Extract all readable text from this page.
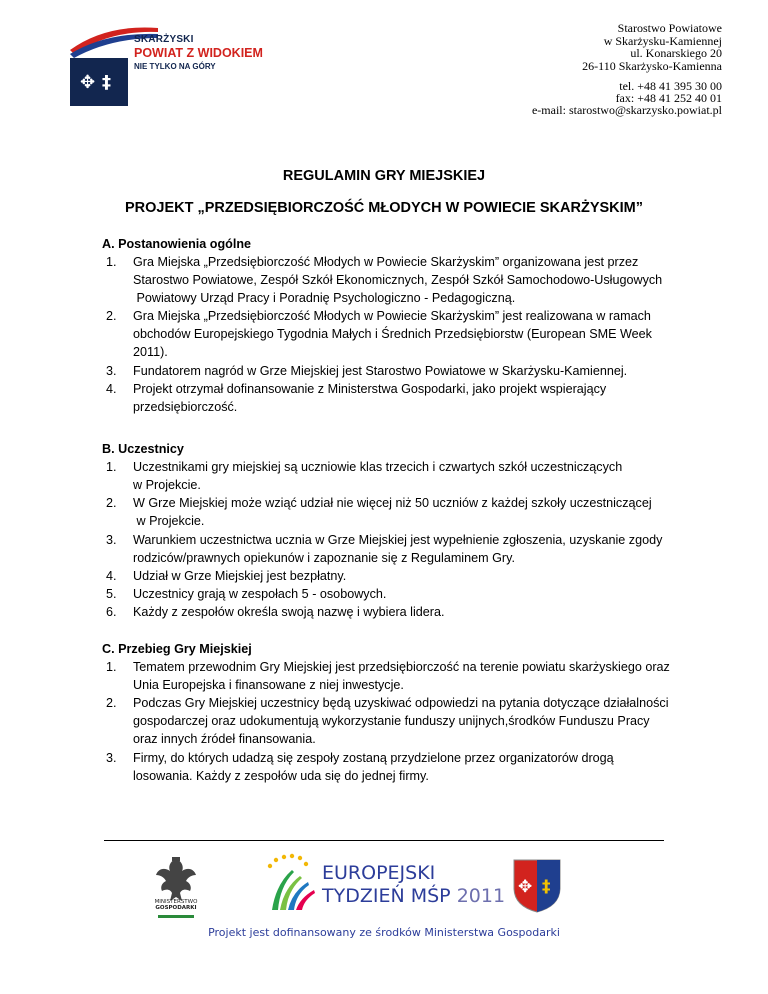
✥ ‡
SKARŻYSKI
POWIAT Z WIDOKIEM
NIE TYLKO NA GÓRY
Starostwo Powiatowe
w Skarżysku-Kamiennej
ul. Konarskiego 20
26-110 Skarżysko-Kamienna
tel. +48 41 395 30 00
fax: +48 41 252 40 01
e-mail: starostwo@skarzysko.powiat.pl
REGULAMIN GRY MIEJSKIEJ
PROJEKT „PRZEDSIĘBIORCZOŚĆ MŁODYCH W POWIECIE SKARŻYSKIM”
A. Postanowienia ogólne
1.	Gra Miejska „Przedsiębiorczość Młodych w Powiecie Skarżyskim” organizowana jest przez
Starostwo Powiatowe, Zespół Szkół Ekonomicznych, Zespół Szkół Samochodowo-Usługowych
Powiatowy Urząd Pracy i Poradnię Psychologiczno - Pedagogiczną.
2.	Gra Miejska „Przedsiębiorczość Młodych w Powiecie Skarżyskim” jest realizowana w ramach
obchodów Europejskiego Tygodnia Małych i Średnich Przedsiębiorstw (European SME Week
2011).
3.	Fundatorem nagród w Grze Miejskiej jest Starostwo Powiatowe w Skarżysku-Kamiennej.
4.	Projekt otrzymał dofinansowanie z Ministerstwa Gospodarki, jako projekt wspierający
przedsiębiorczość.
B. Uczestnicy
1.	Uczestnikami gry miejskiej są uczniowie klas trzecich i czwartych szkół uczestniczących
w Projekcie.
2.	W Grze Miejskiej może wziąć udział nie więcej niż 50 uczniów z każdej szkoły uczestniczącej
w Projekcie.
3.	Warunkiem uczestnictwa ucznia w Grze Miejskiej jest wypełnienie zgłoszenia, uzyskanie zgody
rodziców/prawnych opiekunów i zapoznanie się z Regulaminem Gry.
4.	Udział w Grze Miejskiej jest bezpłatny.
5.	Uczestnicy grają w zespołach 5 - osobowych.
6.	Każdy z zespołów określa swoją nazwę i wybiera lidera.
C. Przebieg Gry Miejskiej
1.	Tematem przewodnim Gry Miejskiej jest przedsiębiorczość na terenie powiatu skarżyskiego oraz
Unia Europejska i finansowane z niej inwestycje.
2.	Podczas Gry Miejskiej uczestnicy będą uzyskiwać odpowiedzi na pytania dotyczące działalności
gospodarczej oraz udokumentują wykorzystanie funduszy unijnych,środków Funduszu Pracy
oraz innych źródeł finansowania.
3.	Firmy, do których udadzą się zespoły zostaną przydzielone przez organizatorów drogą
losowania. Każdy z zespołów uda się do jednej firmy.
MINISTERSTWO
GOSPODARKI
EUROPEJSKI
TYDZIEŃ MŚP 2011 ✥ ‡
Projekt jest dofinansowany ze środków Ministerstwa Gospodarki
